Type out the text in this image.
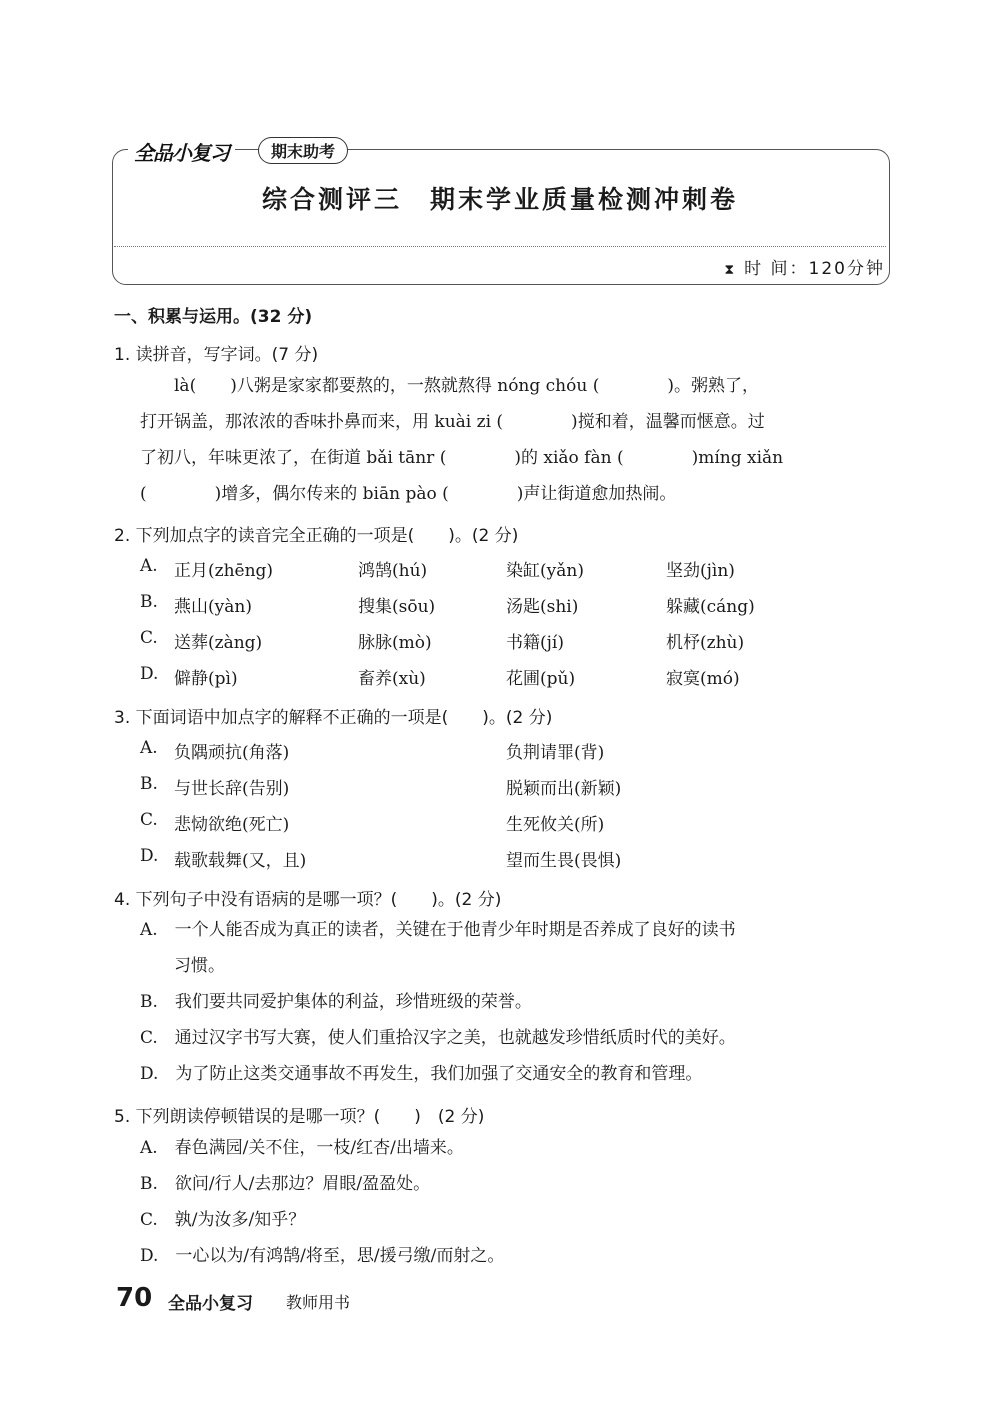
全品小复习	期末助考
综合测评三 期末学业质量检测冲刺卷
⧗ 时 间：120分钟
一、积累与运用。(32 分)
1. 读拼音，写字词。(7 分)
　　là(　　)八粥是家家都要熬的，一熬就熬得 nóng chóu (　　　　)。粥熟了，
打开锅盖，那浓浓的香味扑鼻而来，用 kuài zi (　　　　)搅和着，温馨而惬意。过
了初八，年味更浓了，在街道 bǎi tānr (　　　　)的 xiǎo fàn (　　　　)míng xiǎn
(　　　　)增多，偶尔传来的 biān pào (　　　　)声让街道愈加热闹。
2. 下列加点字的读音完全正确的一项是(　　)。(2 分)
A. 正月(zhēng)	鸿鹄(hú)	染缸(yǎn)	坚劲(jìn)
B. 燕山(yàn)	搜集(sōu)	汤匙(shi)	躲藏(cáng)
C. 送葬(zàng)	脉脉(mò)	书籍(jí)	机杼(zhù)
D. 僻静(pì)	畜养(xù)	花圃(pǔ)	寂寞(mó)
3. 下面词语中加点字的解释不正确的一项是(　　)。(2 分)
A. 负隅顽抗(角落)	负荆请罪(背)
B. 与世长辞(告别)	脱颖而出(新颖)
C. 悲恸欲绝(死亡)	生死攸关(所)
D. 载歌载舞(又，且)	望而生畏(畏惧)
4. 下列句子中没有语病的是哪一项？(　　)。(2 分)
A.　一个人能否成为真正的读者，关键在于他青少年时期是否养成了良好的读书
　　习惯。
B.　我们要共同爱护集体的利益，珍惜班级的荣誉。
C.　通过汉字书写大赛，使人们重拾汉字之美，也就越发珍惜纸质时代的美好。
D.　为了防止这类交通事故不再发生，我们加强了交通安全的教育和管理。
5. 下列朗读停顿错误的是哪一项？(　　)　(2 分)
A.　春色满园/关不住，一枝/红杏/出墙来。
B.　欲问/行人/去那边？眉眼/盈盈处。
C.　孰/为汝多/知乎？
D.　一心以为/有鸿鹄/将至，思/援弓缴/而射之。
70 全品小复习 教师用书
